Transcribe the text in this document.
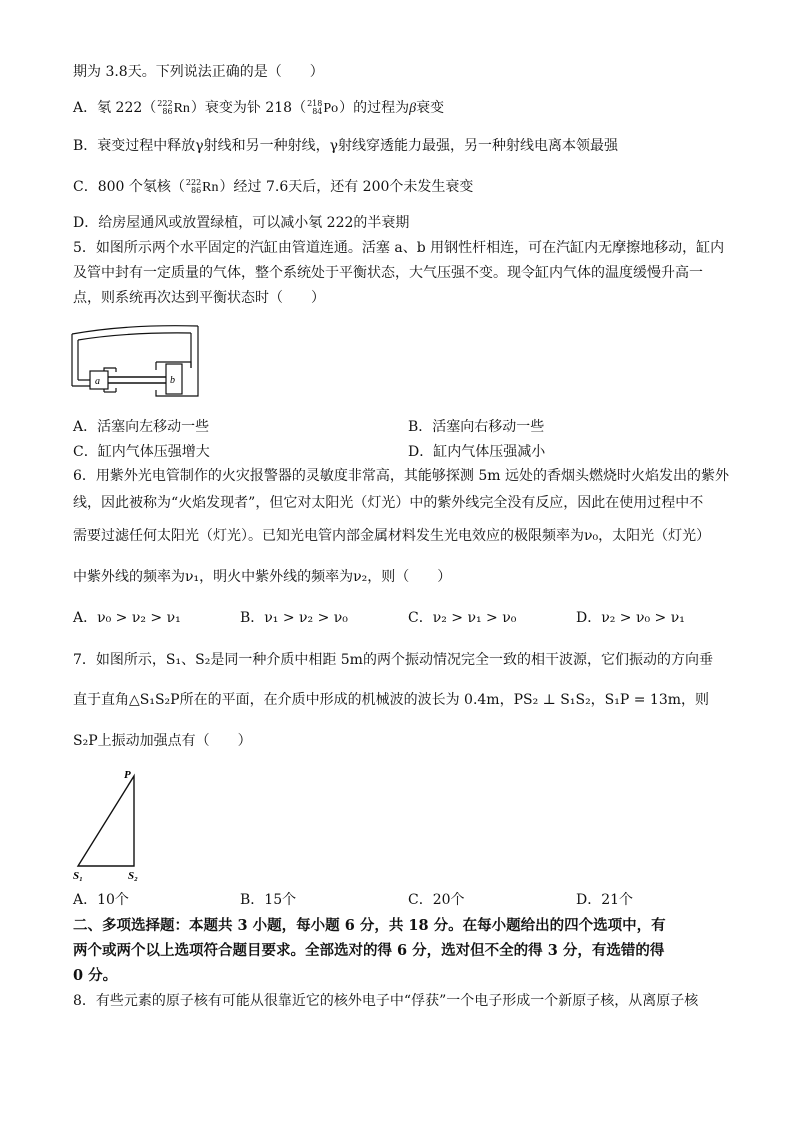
期为 3.8天。下列说法正确的是（　　）
A．氡 222（ 222
86 Rn）衰变为钋 218（ 218
84 Po）的过程为β衰变
B．衰变过程中释放γ射线和另一种射线，γ射线穿透能力最强，另一种射线电离本领最强
C．800 个氡核（ 222
86 Rn）经过 7.6天后，还有 200个未发生衰变
D．给房屋通风或放置绿植，可以减小氡 222的半衰期
5．如图所示两个水平固定的汽缸由管道连通。活塞 a、b 用钢性杆相连，可在汽缸内无摩擦地移动，缸内
及管中封有一定质量的气体，整个系统处于平衡状态，大气压强不变。现令缸内气体的温度缓慢升高一
点，则系统再次达到平衡状态时（　　）
a	b
A．活塞向左移动一些	B．活塞向右移动一些
C．缸内气体压强增大	D．缸内气体压强减小
6．用紫外光电管制作的火灾报警器的灵敏度非常高，其能够探测 5m 远处的香烟头燃烧时火焰发出的紫外
线，因此被称为“火焰发现者”，但它对太阳光（灯光）中的紫外线完全没有反应，因此在使用过程中不
需要过滤任何太阳光（灯光）。已知光电管内部金属材料发生光电效应的极限频率为ν₀，太阳光（灯光）
中紫外线的频率为ν₁，明火中紫外线的频率为ν₂，则（　　）
A．ν₀ > ν₂ > ν₁	B．ν₁ > ν₂ > ν₀	C．ν₂ > ν₁ > ν₀	D．ν₂ > ν₀ > ν₁
7．如图所示，S₁、S₂是同一种介质中相距 5m的两个振动情况完全一致的相干波源，它们振动的方向垂
直于直角△S₁S₂P所在的平面，在介质中形成的机械波的波长为 0.4m，PS₂ ⊥ S₁S₂，S₁P = 13m，则
S₂P上振动加强点有（　　）
P
S₁	S₂
A．10个	B．15个	C．20个	D．21个
二、多项选择题：本题共 3 小题，每小题 6 分，共 18 分。在每小题给出的四个选项中，有
两个或两个以上选项符合题目要求。全部选对的得 6 分，选对但不全的得 3 分，有选错的得
0 分。
8．有些元素的原子核有可能从很靠近它的核外电子中“俘获”一个电子形成一个新原子核，从离原子核
